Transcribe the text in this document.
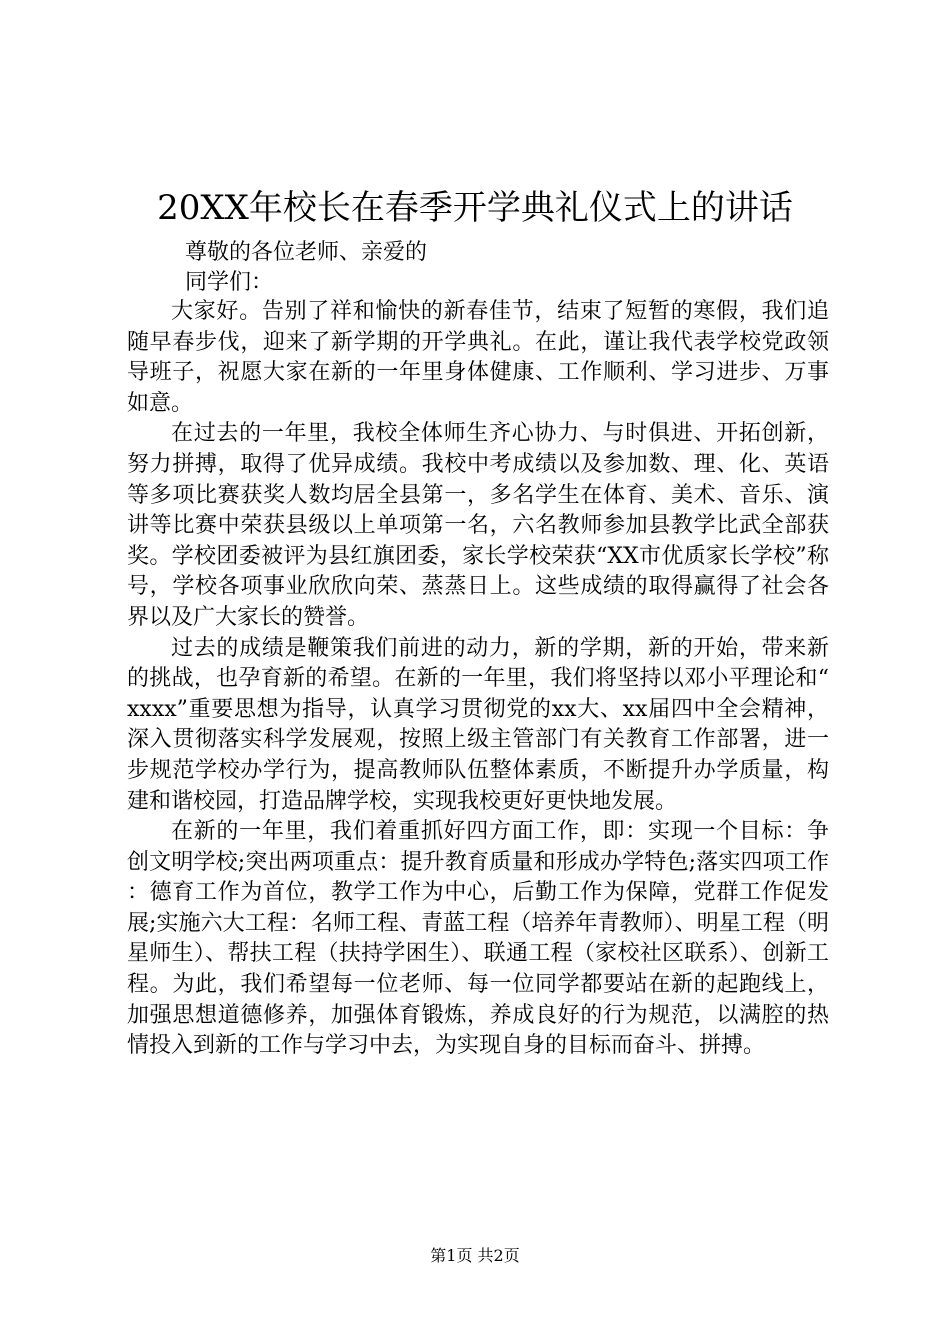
20XX年校长在春季开学典礼仪式上的讲话
尊敬的各位老师、亲爱的
同学们：

大家好。告别了祥和愉快的新春佳节，结束了短暂的寒假，我们追随早春步伐，迎来了新学期的开学典礼。在此，谨让我代表学校党政领导班子，祝愿大家在新的一年里身体健康、工作顺利、学习进步、万事如意。

在过去的一年里，我校全体师生齐心协力、与时俱进、开拓创新，努力拼搏，取得了优异成绩。我校中考成绩以及参加数、理、化、英语等多项比赛获奖人数均居全县第一，多名学生在体育、美术、音乐、演讲等比赛中荣获县级以上单项第一名，六名教师参加县教学比武全部获奖。学校团委被评为县红旗团委，家长学校荣获“XX市优质家长学校”称号，学校各项事业欣欣向荣、蒸蒸日上。这些成绩的取得赢得了社会各界以及广大家长的赞誉。

过去的成绩是鞭策我们前进的动力，新的学期，新的开始，带来新的挑战，也孕育新的希望。在新的一年里，我们将坚持以邓小平理论和“xxxx”重要思想为指导，认真学习贯彻党的xx大、xx届四中全会精神，深入贯彻落实科学发展观，按照上级主管部门有关教育工作部署，进一步规范学校办学行为，提高教师队伍整体素质，不断提升办学质量，构建和谐校园，打造品牌学校，实现我校更好更快地发展。

在新的一年里，我们着重抓好四方面工作，即：实现一个目标：争创文明学校;突出两项重点：提升教育质量和形成办学特色;落实四项工作：德育工作为首位，教学工作为中心，后勤工作为保障，党群工作促发展;实施六大工程：名师工程、青蓝工程（培养年青教师）、明星工程（明星师生）、帮扶工程（扶持学困生）、联通工程（家校社区联系）、创新工程。为此，我们希望每一位老师、每一位同学都要站在新的起跑线上，加强思想道德修养，加强体育锻炼，养成良好的行为规范，以满腔的热情投入到新的工作与学习中去，为实现自身的目标而奋斗、拼搏。

第1页 共2页
